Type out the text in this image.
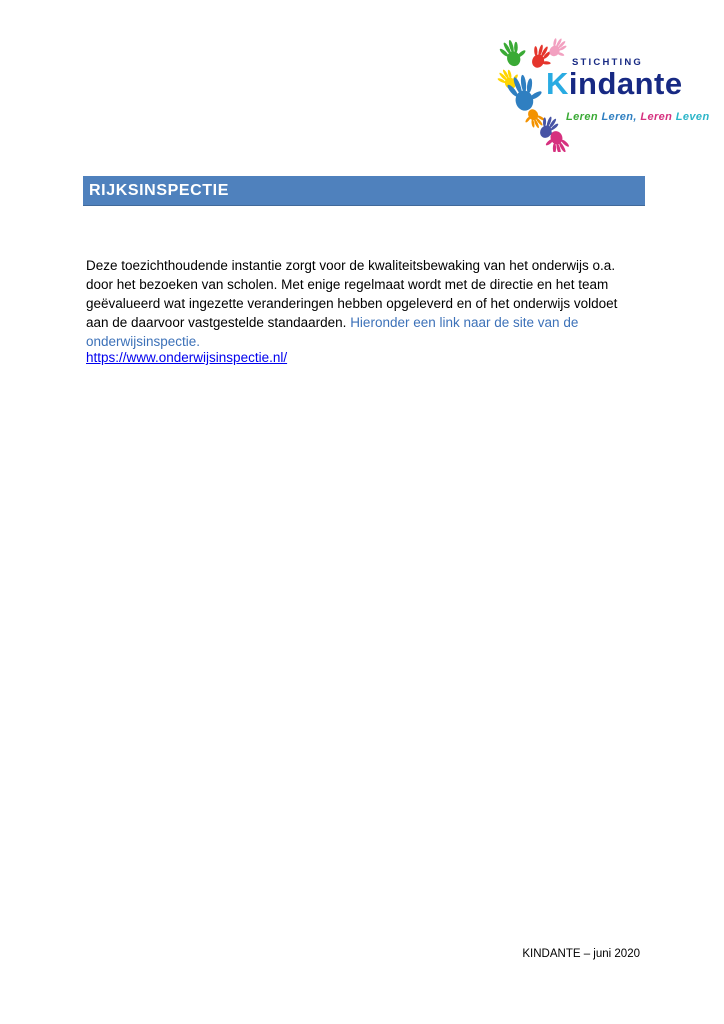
STICHTING
Kindante
Leren Leren, Leren Leven
RIJKSINSPECTIE

Deze toezichthoudende instantie zorgt voor de kwaliteitsbewaking van het onderwijs o.a. door het bezoeken van scholen. Met enige regelmaat wordt met de directie en het team geëvalueerd wat ingezette veranderingen hebben opgeleverd en of het onderwijs voldoet aan de daarvoor vastgestelde standaarden. Hieronder een link naar de site van de onderwijsinspectie.

https://www.onderwijsinspectie.nl/
KINDANTE – juni 2020
